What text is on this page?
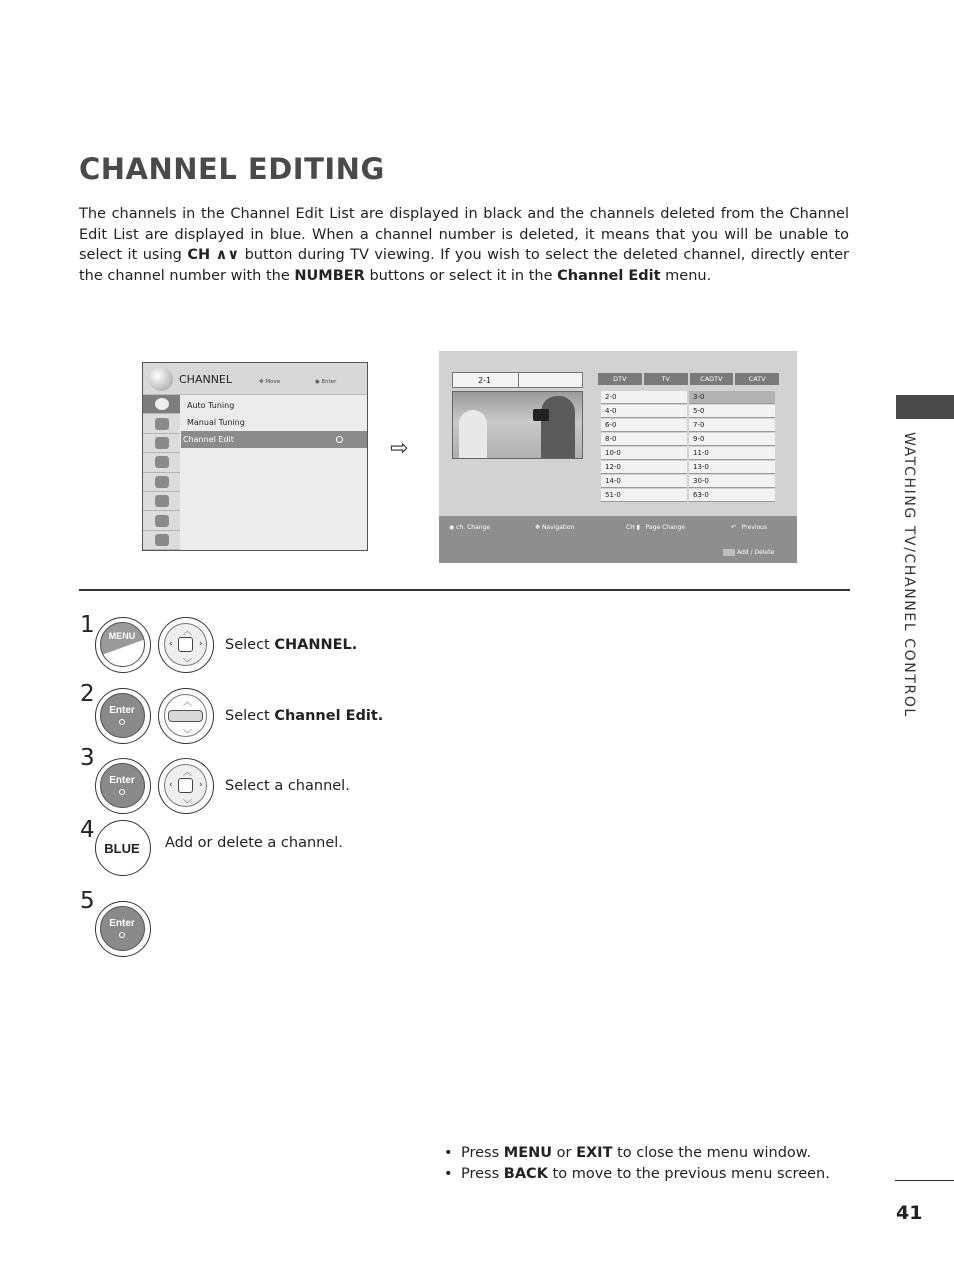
CHANNEL EDITING

The channels in the Channel Edit List are displayed in black and the channels deleted from the Channel Edit List are displayed in blue. When a channel number is deleted, it means that you will be unable to select it using CH ∧∨ button during TV viewing. If you wish to select the deleted channel, directly enter the channel number with the NUMBER buttons or select it in the Channel Edit menu.

WATCHING TV/CHANNEL CONTROL
CHANNEL	✥ Move	◉ Enter
Auto Tuning
Manual Tuning
Channel Edit	⇨
2-1	DTV	TV	CADTV	CATV
2-0	3-0
4-0	5-0
6-0	7-0
8-0	9-0
10-0	11-0
12-0	13-0
14-0	30-0
51-0	63-0
◉ ch. Change	✥ Navigation	CH ▮   Page Change	↶   Previous
Add / Delete
1	MENU	︿
﹀
‹	› Select CHANNEL.
2
Enter
︿
﹀
Select Channel Edit.
3
Enter
︿
﹀
‹	› Select a channel.
4
BLUE	Add or delete a channel.
5
Enter
• Press MENU or EXIT to close the menu window.
• Press BACK to move to the previous menu screen.
41
